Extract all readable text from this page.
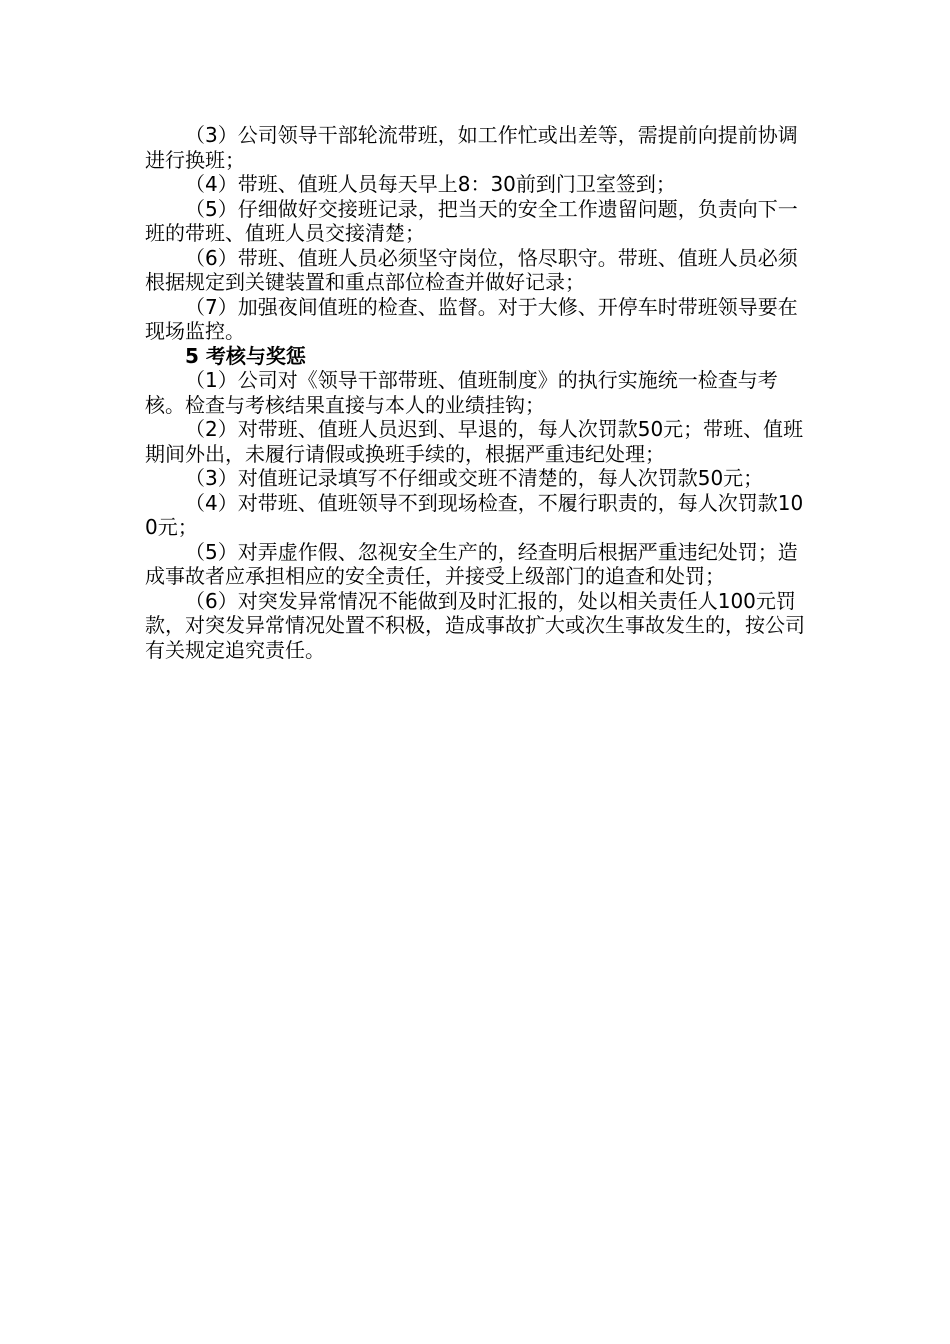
（3）公司领导干部轮流带班，如工作忙或出差等，需提前向提前协调进行换班；

（4）带班、值班人员每天早上8：30前到门卫室签到；

（5）仔细做好交接班记录，把当天的安全工作遗留问题，负责向下一班的带班、值班人员交接清楚；

（6）带班、值班人员必须坚守岗位，恪尽职守。带班、值班人员必须根据规定到关键装置和重点部位检查并做好记录；

（7）加强夜间值班的检查、监督。对于大修、开停车时带班领导要在现场监控。

5 考核与奖惩

（1）公司对《领导干部带班、值班制度》的执行实施统一检查与考核。检查与考核结果直接与本人的业绩挂钩；

（2）对带班、值班人员迟到、早退的，每人次罚款50元；带班、值班期间外出，未履行请假或换班手续的，根据严重违纪处理；

（3）对值班记录填写不仔细或交班不清楚的，每人次罚款50元；

（4）对带班、值班领导不到现场检查，不履行职责的，每人次罚款100元；

（5）对弄虚作假、忽视安全生产的，经查明后根据严重违纪处罚；造成事故者应承担相应的安全责任，并接受上级部门的追查和处罚；

（6）对突发异常情况不能做到及时汇报的，处以相关责任人100元罚款，对突发异常情况处置不积极，造成事故扩大或次生事故发生的，按公司有关规定追究责任。
